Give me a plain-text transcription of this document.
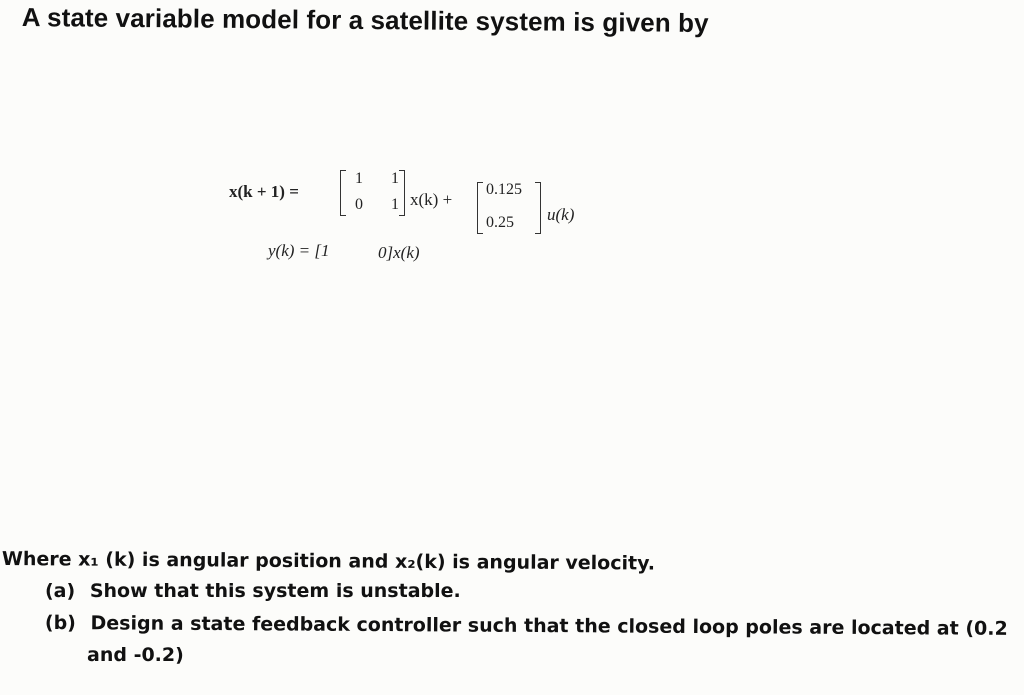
A state variable model for a satellite system is given by
x(k + 1) =
1 1
0 1 x(k) +
0.125
0.25 u(k)
y(k) = [1	0]x(k)
Where x₁ (k) is angular position and x₂(k) is angular velocity.
(a) Show that this system is unstable.
(b) Design a state feedback controller such that the closed loop poles are located at (0.2
and -0.2)
